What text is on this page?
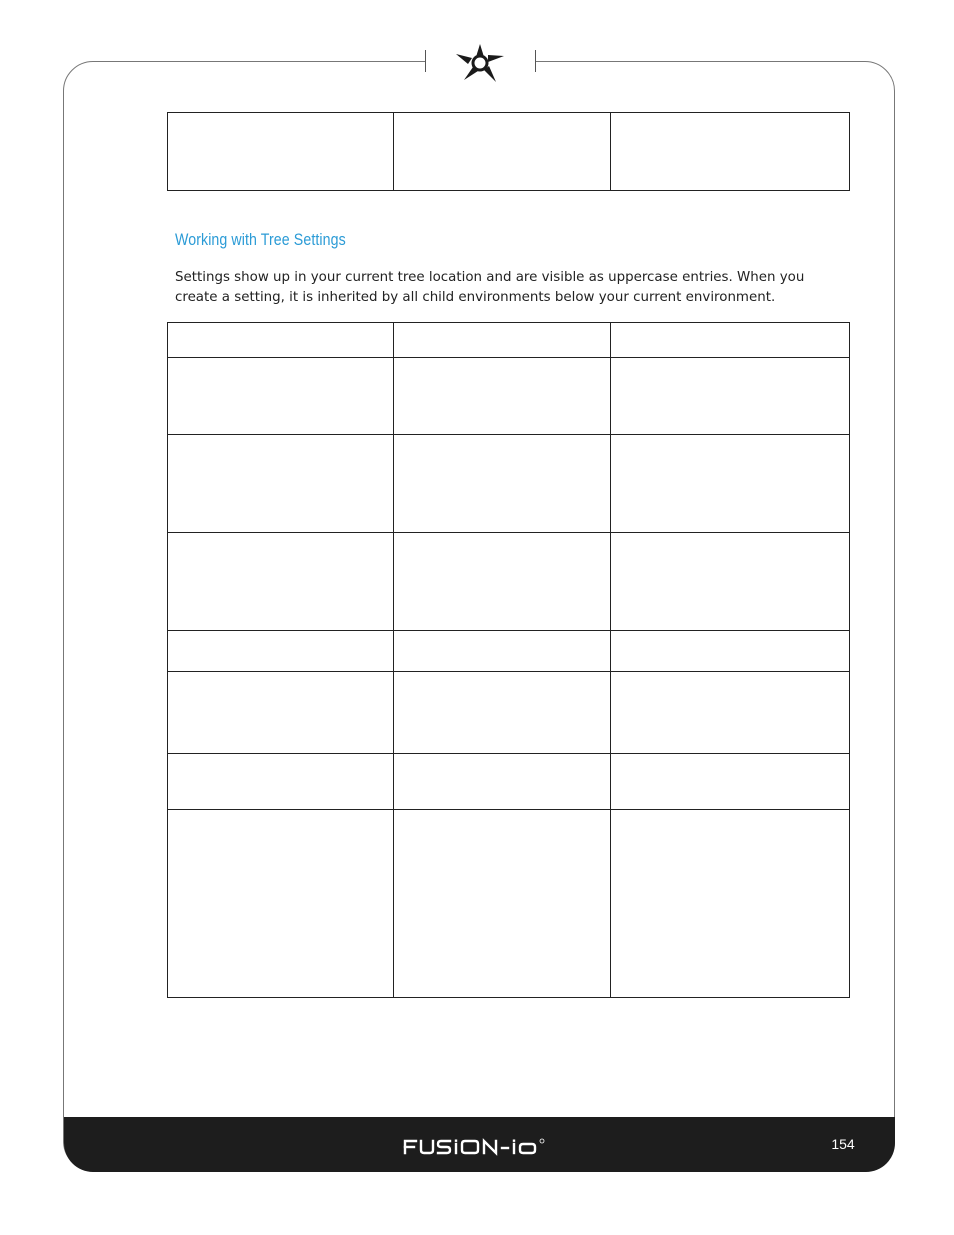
Working with Tree Settings
Settings show up in your current tree location and are visible as uppercase entries. When you create a setting, it is inherited by all child environments below your current environment.

154
